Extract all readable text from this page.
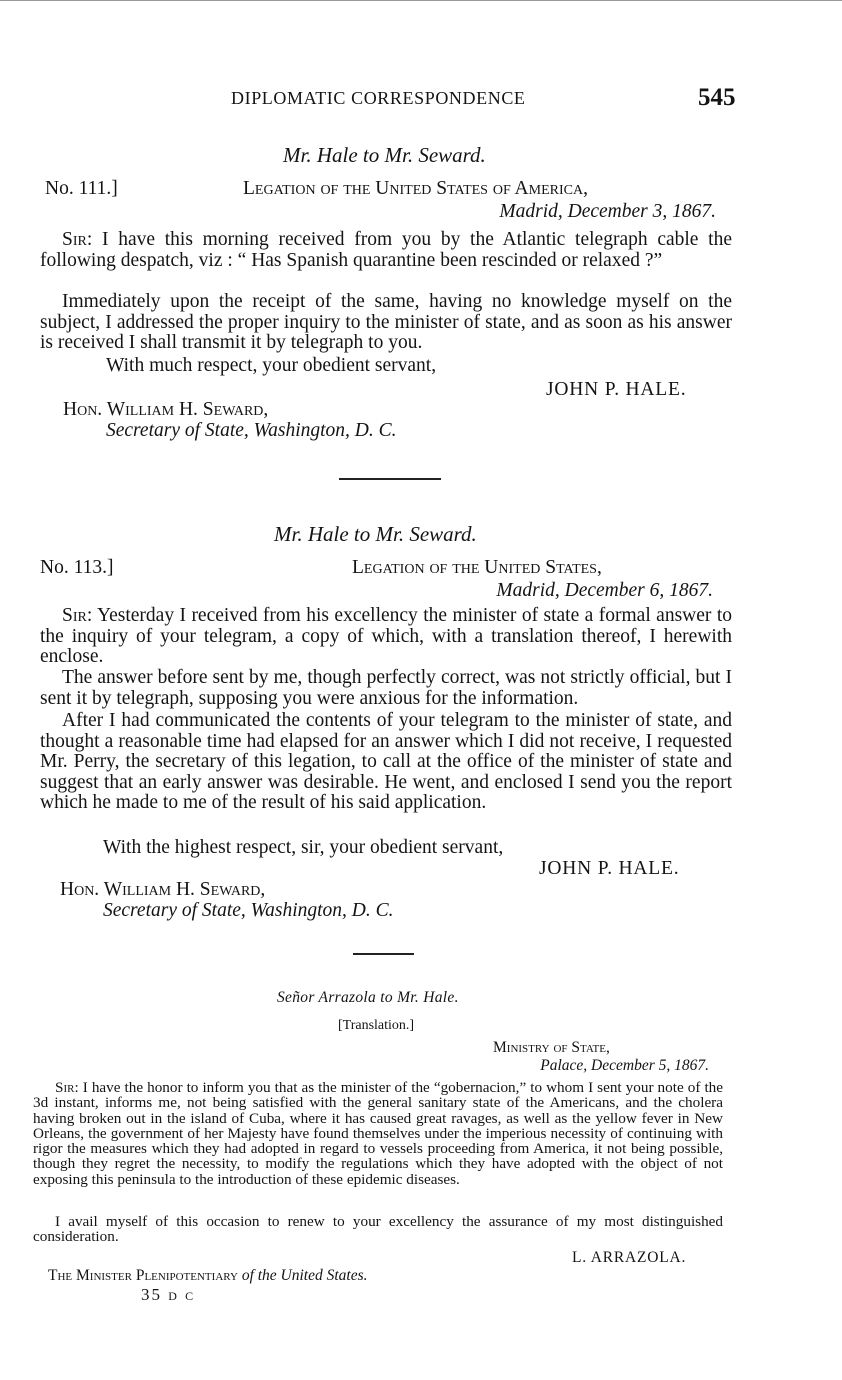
DIPLOMATIC CORRESPONDENCE	545
Mr. Hale to Mr. Seward.
No. 111.]	Legation of the United States of America,
Madrid, December 3, 1867.
Sir: I have this morning received from you by the Atlantic telegraph cable the following despatch, viz : “ Has Spanish quarantine been rescinded or relaxed ?”
Immediately upon the receipt of the same, having no knowledge myself on the subject, I addressed the proper inquiry to the minister of state, and as soon as his answer is received I shall transmit it by telegraph to you.
With much respect, your obedient servant,
JOHN P. HALE.
Hon. William H. Seward,
Secretary of State, Washington, D. C.
Mr. Hale to Mr. Seward.
No. 113.]	Legation of the United States,
Madrid, December 6, 1867.
Sir: Yesterday I received from his excellency the minister of state a formal answer to the inquiry of your telegram, a copy of which, with a translation thereof, I herewith enclose.
The answer before sent by me, though perfectly correct, was not strictly official, but I sent it by telegraph, supposing you were anxious for the information.
After I had communicated the contents of your telegram to the minister of state, and thought a reasonable time had elapsed for an answer which I did not receive, I requested Mr. Perry, the secretary of this legation, to call at the office of the minister of state and suggest that an early answer was desirable. He went, and enclosed I send you the report which he made to me of the result of his said application.
With the highest respect, sir, your obedient servant,
JOHN P. HALE.
Hon. William H. Seward,
Secretary of State, Washington, D. C.
Señor Arrazola to Mr. Hale.
[Translation.]
Ministry of State,
Palace, December 5, 1867.
Sir: I have the honor to inform you that as the minister of the “gobernacion,” to whom I sent your note of the 3d instant, informs me, not being satisfied with the general sanitary state of the Americans, and the cholera having broken out in the island of Cuba, where it has caused great ravages, as well as the yellow fever in New Orleans, the government of her Majesty have found themselves under the imperious necessity of continuing with rigor the measures which they had adopted in regard to vessels proceeding from America, it not being possible, though they regret the necessity, to modify the regulations which they have adopted with the object of not exposing this peninsula to the introduction of these epidemic diseases.
I avail myself of this occasion to renew to your excellency the assurance of my most distinguished consideration.
L. ARRAZOLA.
The Minister Plenipotentiary of the United States.
35 d c
